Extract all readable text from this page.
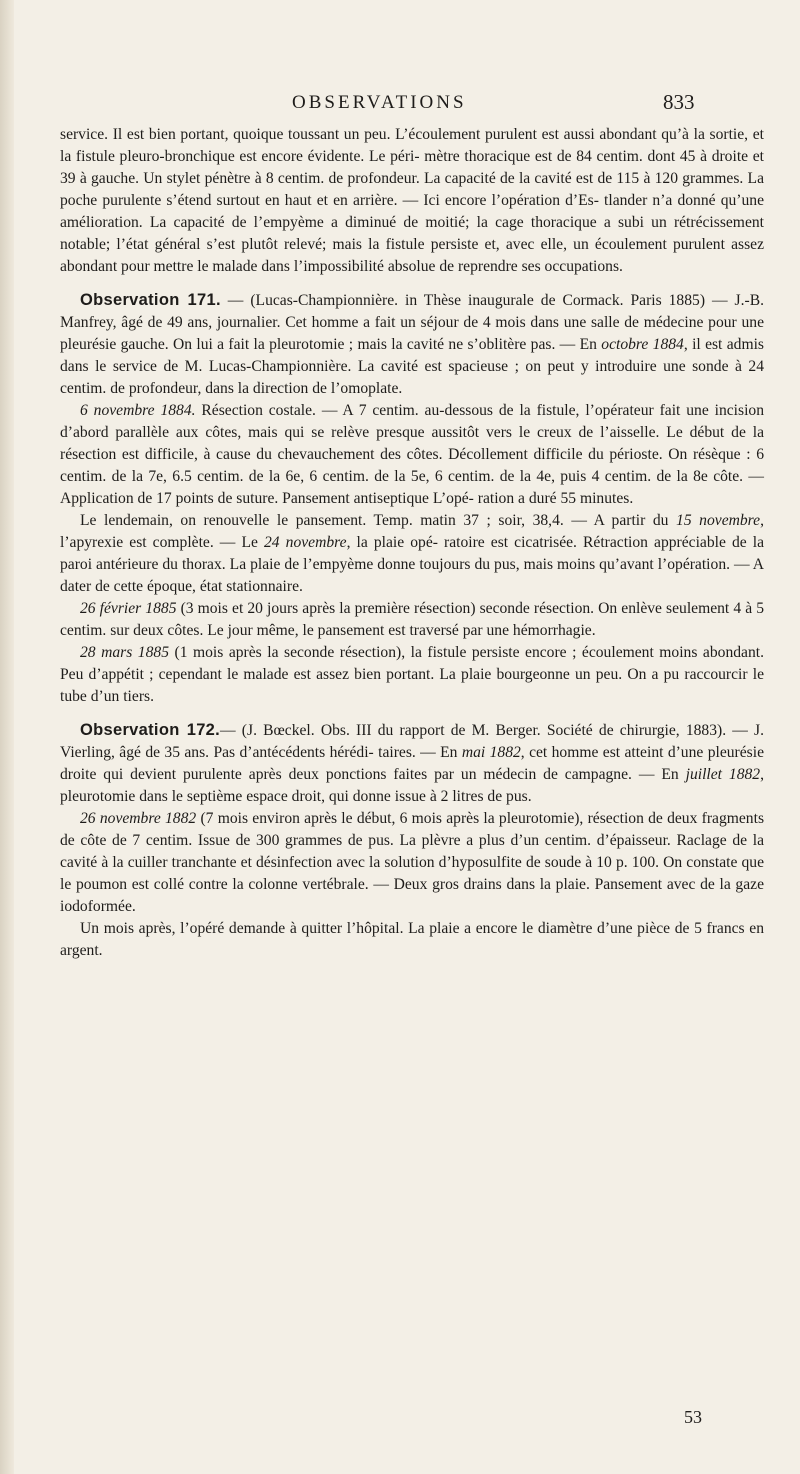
OBSERVATIONS	833

service. Il est bien portant, quoique toussant un peu. L’écoulement purulent est aussi abondant qu’à la sortie, et la fistule pleuro-bronchique est encore évidente. Le péri- mètre thoracique est de 84 centim. dont 45 à droite et 39 à gauche. Un stylet pénètre à 8 centim. de profondeur. La capacité de la cavité est de 115 à 120 grammes. La poche purulente s’étend surtout en haut et en arrière. — Ici encore l’opération d’Es- tlander n’a donné qu’une amélioration. La capacité de l’empyème a diminué de moitié; la cage thoracique a subi un rétrécissement notable; l’état général s’est plutôt relevé; mais la fistule persiste et, avec elle, un écoulement purulent assez abondant pour mettre le malade dans l’impossibilité absolue de reprendre ses occupations.

Observation 171. — (Lucas-Championnière. in Thèse inaugurale de Cormack. Paris 1885) — J.-B. Manfrey, âgé de 49 ans, journalier. Cet homme a fait un séjour de 4 mois dans une salle de médecine pour une pleurésie gauche. On lui a fait la pleurotomie ; mais la cavité ne s’oblitère pas. — En octobre 1884, il est admis dans le service de M. Lucas-Championnière. La cavité est spacieuse ; on peut y introduire une sonde à 24 centim. de profondeur, dans la direction de l’omoplate.

6 novembre 1884. Résection costale. — A 7 centim. au-dessous de la fistule, l’opérateur fait une incision d’abord parallèle aux côtes, mais qui se relève presque aussitôt vers le creux de l’aisselle. Le début de la résection est difficile, à cause du chevauchement des côtes. Décollement difficile du périoste. On résèque : 6 centim. de la 7e, 6.5 centim. de la 6e, 6 centim. de la 5e, 6 centim. de la 4e, puis 4 centim. de la 8e côte. — Application de 17 points de suture. Pansement antiseptique L’opé- ration a duré 55 minutes.

Le lendemain, on renouvelle le pansement. Temp. matin 37 ; soir, 38,4. — A partir du 15 novembre, l’apyrexie est complète. — Le 24 novembre, la plaie opé- ratoire est cicatrisée. Rétraction appréciable de la paroi antérieure du thorax. La plaie de l’empyème donne toujours du pus, mais moins qu’avant l’opération. — A dater de cette époque, état stationnaire.

26 février 1885 (3 mois et 20 jours après la première résection) seconde résection. On enlève seulement 4 à 5 centim. sur deux côtes. Le jour même, le pansement est traversé par une hémorrhagie.

28 mars 1885 (1 mois après la seconde résection), la fistule persiste encore ; écoulement moins abondant. Peu d’appétit ; cependant le malade est assez bien portant. La plaie bourgeonne un peu. On a pu raccourcir le tube d’un tiers.

Observation 172.— (J. Bœckel. Obs. III du rapport de M. Berger. Société de chirurgie, 1883). — J. Vierling, âgé de 35 ans. Pas d’antécédents hérédi- taires. — En mai 1882, cet homme est atteint d’une pleurésie droite qui devient purulente après deux ponctions faites par un médecin de campagne. — En juillet 1882, pleurotomie dans le septième espace droit, qui donne issue à 2 litres de pus.

26 novembre 1882 (7 mois environ après le début, 6 mois après la pleurotomie), résection de deux fragments de côte de 7 centim. Issue de 300 grammes de pus. La plèvre a plus d’un centim. d’épaisseur. Raclage de la cavité à la cuiller tranchante et désinfection avec la solution d’hyposulfite de soude à 10 p. 100. On constate que le poumon est collé contre la colonne vertébrale. — Deux gros drains dans la plaie. Pansement avec de la gaze iodoformée.

Un mois après, l’opéré demande à quitter l’hôpital. La plaie a encore le diamètre d’une pièce de 5 francs en argent.

53
